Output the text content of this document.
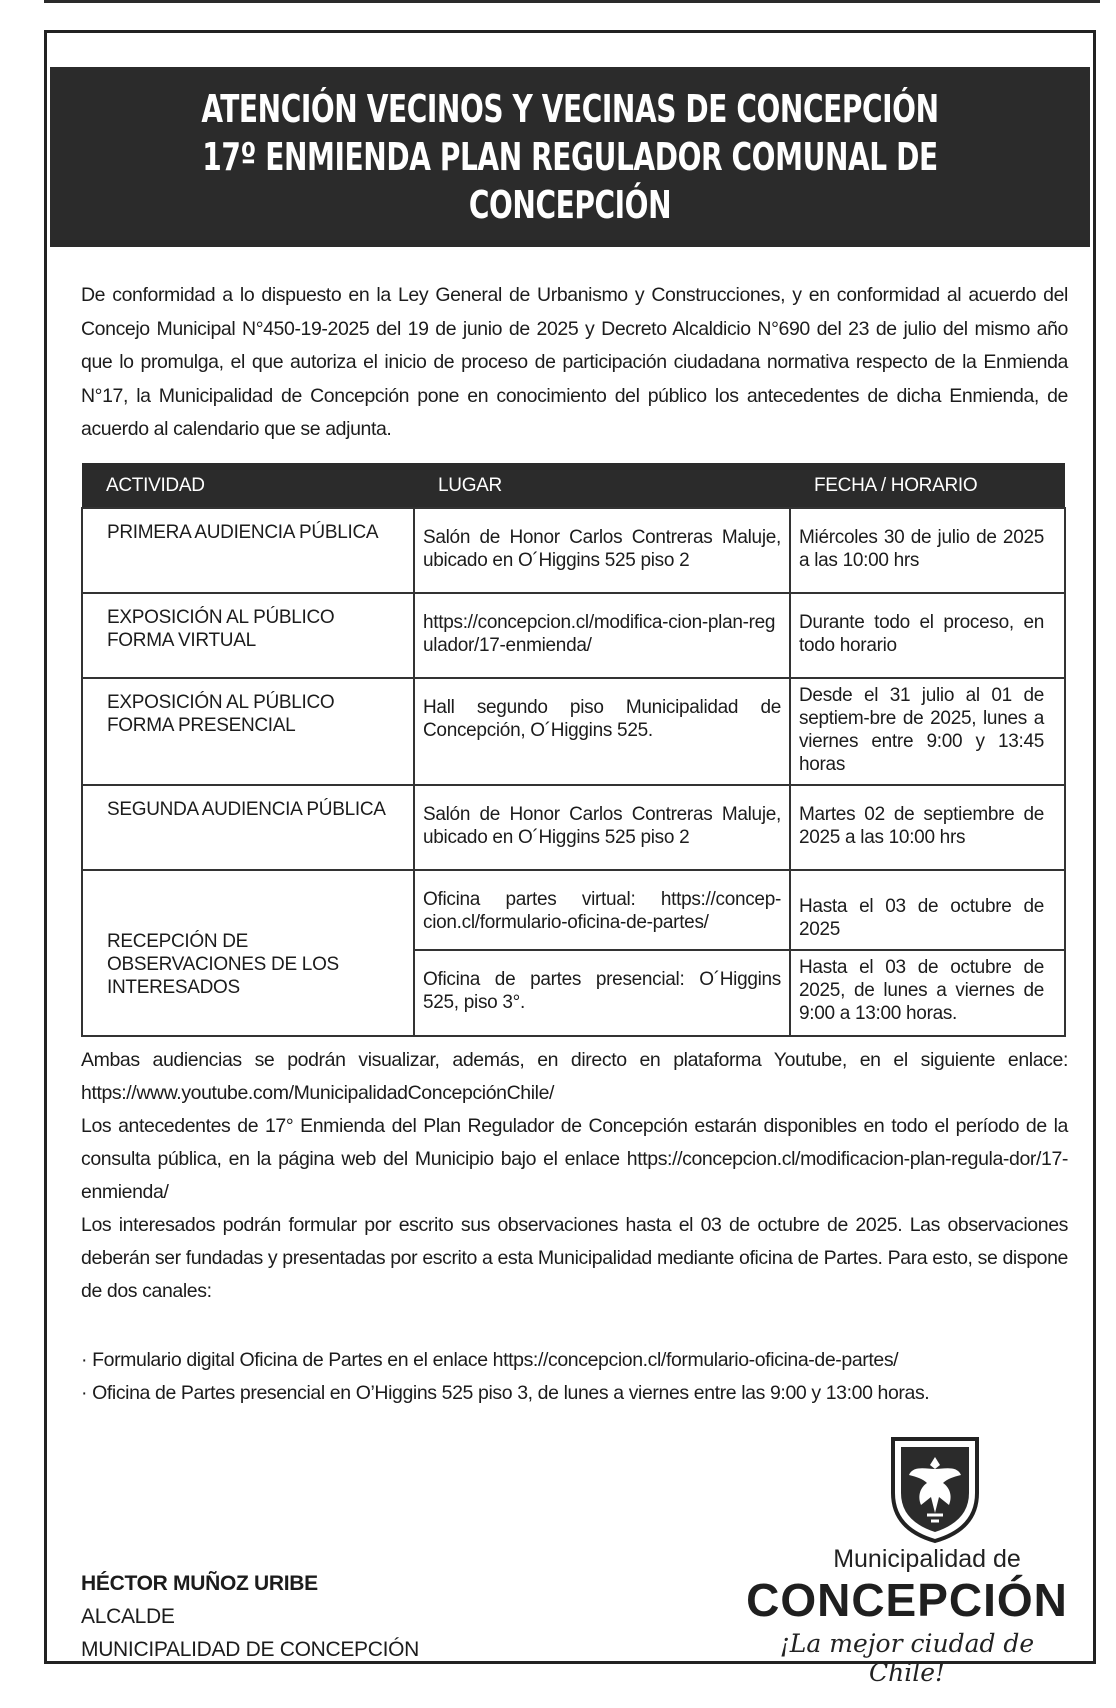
ATENCIÓN VECINOS Y VECINAS DE CONCEPCIÓN
17º ENMIENDA PLAN REGULADOR COMUNAL DE CONCEPCIÓN
De conformidad a lo dispuesto en la Ley General de Urbanismo y Construcciones, y en conformidad al acuerdo del Concejo Municipal N°450-19-2025 del 19 de junio de 2025 y Decreto Alcaldicio N°690 del 23 de julio del mismo año que lo promulga, el que autoriza el inicio de proceso de participación ciudadana normativa respecto de la Enmienda N°17, la Municipalidad de Concepción pone en conocimiento del público los antecedentes de dicha Enmienda, de acuerdo al calendario que se adjunta.
ACTIVIDAD	LUGAR	FECHA / HORARIO

PRIMERA AUDIENCIA PÚBLICA	Salón de Honor Carlos Contreras Maluje, ubicado en O´Higgins 525 piso 2	Miércoles 30 de julio de 2025 a las 10:00 hrs

EXPOSICIÓN AL PÚBLICO FORMA VIRTUAL	https://concepcion.cl/modifica-cion-plan-regulador/17-enmienda/	Durante todo el proceso, en todo horario

EXPOSICIÓN AL PÚBLICO FORMA PRESENCIAL	Hall segundo piso Municipalidad de Concepción, O´Higgins 525.	Desde el 31 julio al 01 de septiem-bre de 2025, lunes a viernes entre 9:00 y 13:45 horas

SEGUNDA AUDIENCIA PÚBLICA	Salón de Honor Carlos Contreras Maluje, ubicado en O´Higgins 525 piso 2	Martes 02 de septiembre de 2025 a las 10:00 hrs

RECEPCIÓN DE OBSERVACIONES DE LOS INTERESADOS	Oficina partes virtual: https://concep-cion.cl/formulario-oficina-de-partes/	Hasta el 03 de octubre de 2025

	Oficina de partes presencial: O´Higgins 525, piso 3°.	Hasta el 03 de octubre de 2025, de lunes a viernes de 9:00 a 13:00 horas.

Ambas audiencias se podrán visualizar, además, en directo en plataforma Youtube, en el siguiente enlace: https://www.youtube.com/MunicipalidadConcepciónChile/

Los antecedentes de 17° Enmienda del Plan Regulador de Concepción estarán disponibles en todo el período de la consulta pública, en la página web del Municipio bajo el enlace https://concepcion.cl/modificacion-plan-regula-dor/17-enmienda/

Los interesados podrán formular por escrito sus observaciones hasta el 03 de octubre de 2025. Las observaciones deberán ser fundadas y presentadas por escrito a esta Municipalidad mediante oficina de Partes. Para esto, se dispone de dos canales:

· Formulario digital Oficina de Partes en el enlace https://concepcion.cl/formulario-oficina-de-partes/
· Oficina de Partes presencial en O’Higgins 525 piso 3, de lunes a viernes entre las 9:00 y 13:00 horas.
HÉCTOR MUÑOZ URIBE
ALCALDE
MUNICIPALIDAD DE CONCEPCIÓN
Municipalidad de
CONCEPCIÓN
¡La mejor ciudad de Chile!
